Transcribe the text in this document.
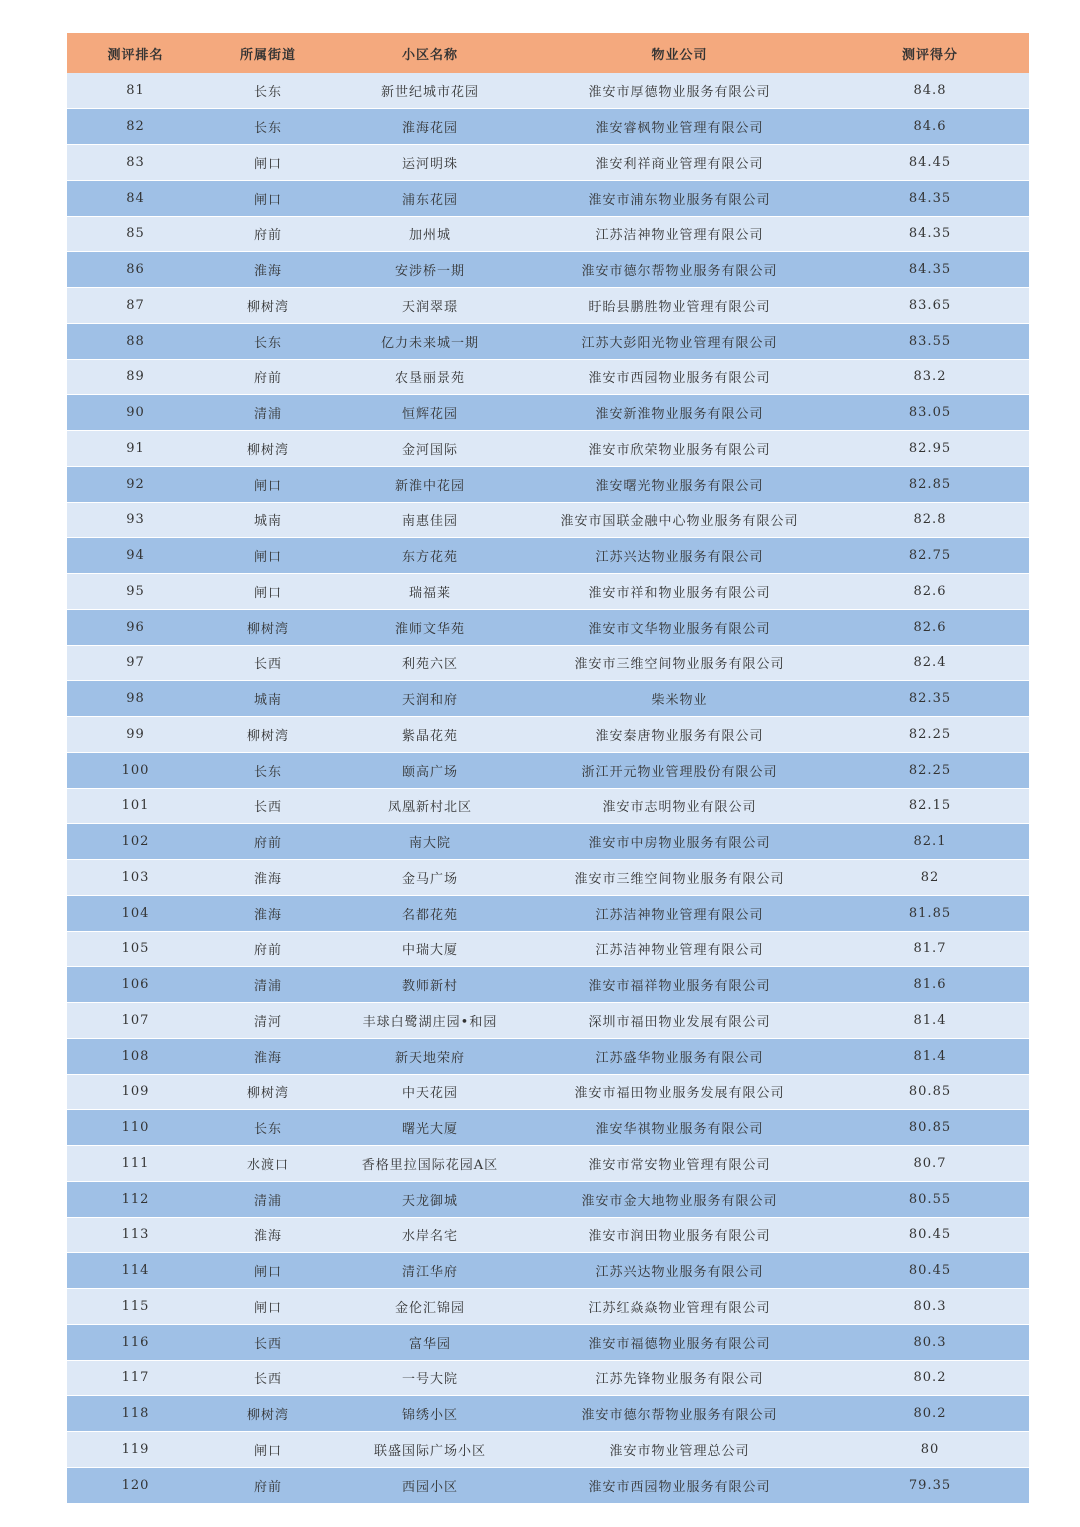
测评排名	所属街道	小区名称	物业公司	测评得分
81	长东	新世纪城市花园	淮安市厚德物业服务有限公司	84.8
82	长东	淮海花园	淮安睿枫物业管理有限公司	84.6
83	闸口	运河明珠	淮安利祥商业管理有限公司	84.45
84	闸口	浦东花园	淮安市浦东物业服务有限公司	84.35
85	府前	加州城	江苏洁神物业管理有限公司	84.35
86	淮海	安涉桥一期	淮安市德尔帮物业服务有限公司	84.35
87	柳树湾	天润翠璟	盱眙县鹏胜物业管理有限公司	83.65
88	长东	亿力未来城一期	江苏大彭阳光物业管理有限公司	83.55
89	府前	农垦丽景苑	淮安市西园物业服务有限公司	83.2
90	清浦	恒辉花园	淮安新淮物业服务有限公司	83.05
91	柳树湾	金河国际	淮安市欣荣物业服务有限公司	82.95
92	闸口	新淮中花园	淮安曙光物业服务有限公司	82.85
93	城南	南惠佳园	淮安市国联金融中心物业服务有限公司	82.8
94	闸口	东方花苑	江苏兴达物业服务有限公司	82.75
95	闸口	瑞福莱	淮安市祥和物业服务有限公司	82.6
96	柳树湾	淮师文华苑	淮安市文华物业服务有限公司	82.6
97	长西	利苑六区	淮安市三维空间物业服务有限公司	82.4
98	城南	天润和府	柴米物业	82.35
99	柳树湾	紫晶花苑	淮安秦唐物业服务有限公司	82.25
100	长东	颐高广场	浙江开元物业管理股份有限公司	82.25
101	长西	凤凰新村北区	淮安市志明物业有限公司	82.15
102	府前	南大院	淮安市中房物业服务有限公司	82.1
103	淮海	金马广场	淮安市三维空间物业服务有限公司	82
104	淮海	名都花苑	江苏洁神物业管理有限公司	81.85
105	府前	中瑞大厦	江苏洁神物业管理有限公司	81.7
106	清浦	教师新村	淮安市福祥物业服务有限公司	81.6
107	清河	丰球白鹭湖庄园•和园	深圳市福田物业发展有限公司	81.4
108	淮海	新天地荣府	江苏盛华物业服务有限公司	81.4
109	柳树湾	中天花园	淮安市福田物业服务发展有限公司	80.85
110	长东	曙光大厦	淮安华祺物业服务有限公司	80.85
111	水渡口	香格里拉国际花园A区	淮安市常安物业管理有限公司	80.7
112	清浦	天龙御城	淮安市金大地物业服务有限公司	80.55
113	淮海	水岸名宅	淮安市润田物业服务有限公司	80.45
114	闸口	清江华府	江苏兴达物业服务有限公司	80.45
115	闸口	金伦汇锦园	江苏红焱焱物业管理有限公司	80.3
116	长西	富华园	淮安市福德物业服务有限公司	80.3
117	长西	一号大院	江苏先锋物业服务有限公司	80.2
118	柳树湾	锦绣小区	淮安市德尔帮物业服务有限公司	80.2
119	闸口	联盛国际广场小区	淮安市物业管理总公司	80
120	府前	西园小区	淮安市西园物业服务有限公司	79.35
